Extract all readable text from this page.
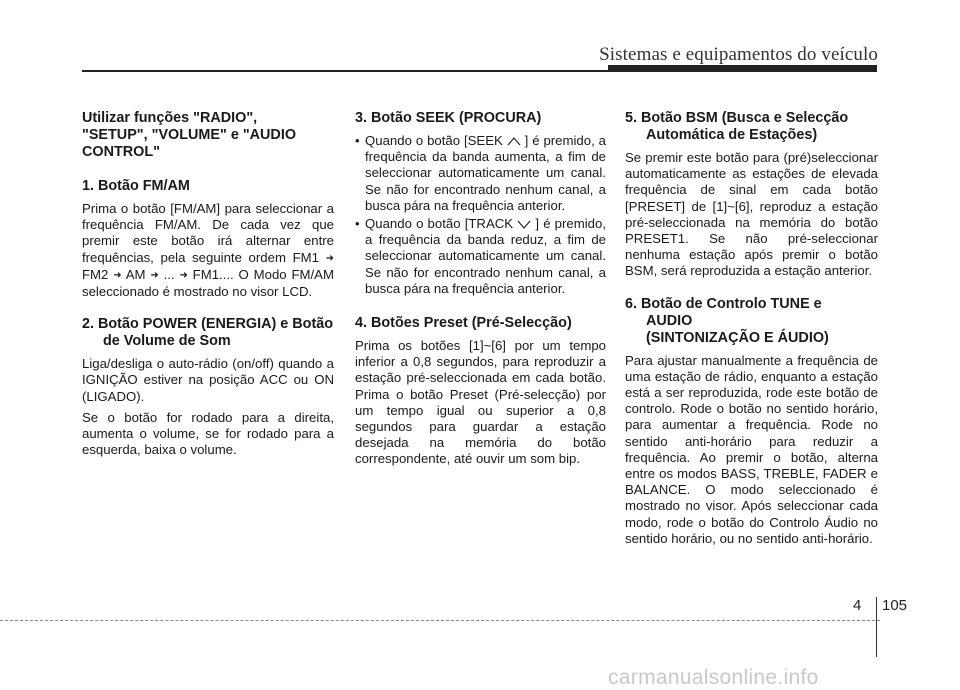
Sistemas e equipamentos do veículo
Utilizar funções "RADIO",
"SETUP", "VOLUME" e "AUDIO
CONTROL"
1. Botão FM/AM

Prima o botão [FM/AM] para seleccionar a frequência FM/AM. De cada vez que premir este botão irá alternar entre frequências, pela seguinte ordem FM1 ➜ FM2 ➜ AM ➜ ... ➜ FM1.... O Modo FM/AM seleccionado é mostrado no visor LCD.

2. Botão POWER (ENERGIA) e Botão de Volume de Som

Liga/desliga o auto-rádio (on/off) quando a IGNIÇÃO estiver na posição ACC ou ON (LIGADO).

Se o botão for rodado para a direita, aumenta o volume, se for rodado para a esquerda, baixa o volume.

3. Botão SEEK (PROCURA)
• Quando o botão [SEEK ] é premido, a frequência da banda aumenta, a fim de seleccionar automaticamente um canal. Se não for encontrado nenhum canal, a busca pára na frequência anterior.
• Quando o botão [TRACK ] é premido, a frequência da banda reduz, a fim de seleccionar automaticamente um canal. Se não for encontrado nenhum canal, a busca pára na frequência anterior.
4. Botões Preset (Pré-Selecção)

Prima os botões [1]~[6] por um tempo inferior a 0,8 segundos, para reproduzir a estação pré-seleccionada em cada botão. Prima o botão Preset (Pré-selecção) por um tempo igual ou superior a 0,8 segundos para guardar a estação desejada na memória do botão correspondente, até ouvir um som bip.

5. Botão BSM (Busca e Selecção Automática de Estações)

Se premir este botão para (pré)seleccionar automaticamente as estações de elevada frequência de sinal em cada botão [PRESET] de [1]~[6], reproduz a estação pré-seleccionada na memória do botão PRESET1. Se não pré-seleccionar nenhuma estação após premir o botão BSM, será reproduzida a estação anterior.

6. Botão de Controlo TUNE e
AUDIO
(SINTONIZAÇÃO E ÁUDIO)

Para ajustar manualmente a frequência de uma estação de rádio, enquanto a estação está a ser reproduzida, rode este botão de controlo. Rode o botão no sentido horário, para aumentar a frequência. Rode no sentido anti-horário para reduzir a frequência. Ao premir o botão, alterna entre os modos BASS, TREBLE, FADER e BALANCE. O modo seleccionado é mostrado no visor. Após seleccionar cada modo, rode o botão do Controlo Áudio no sentido horário, ou no sentido anti-horário.

4 105
carmanualsonline.info
